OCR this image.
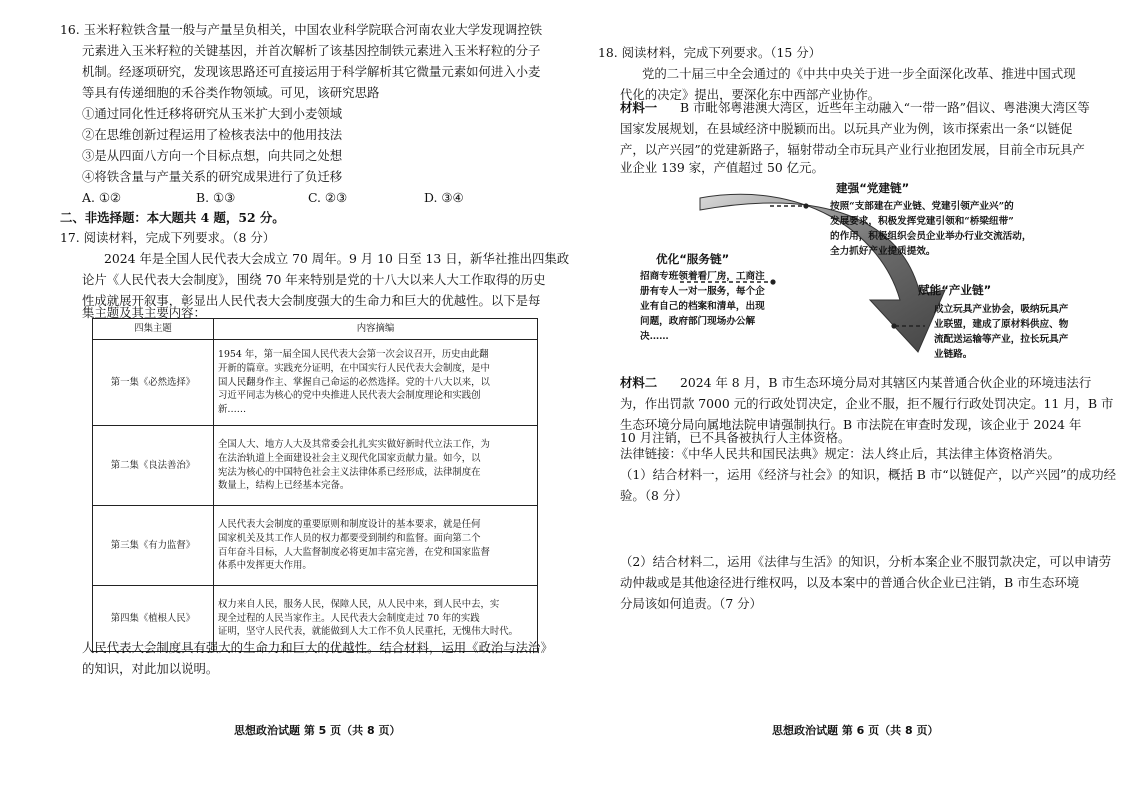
16. 玉米籽粒铁含量一般与产量呈负相关，中国农业科学院联合河南农业大学发现调控铁
元素进入玉米籽粒的关键基因，并首次解析了该基因控制铁元素进入玉米籽粒的分子
机制。经逐项研究，发现该思路还可直接运用于科学解析其它微量元素如何进入小麦
等具有传递细胞的禾谷类作物领域。可见，该研究思路
①通过同化性迁移将研究从玉米扩大到小麦领域
②在思维创新过程运用了检核表法中的他用技法
③是从四面八方向一个目标点想，向共同之处想
④将铁含量与产量关系的研究成果进行了负迁移
A. ①②	B. ①③	C. ②③	D. ③④
二、非选择题：本大题共 4 题，52 分。
17. 阅读材料，完成下列要求。（8 分）
2024 年是全国人民代表大会成立 70 周年。9 月 10 日至 13 日，新华社推出四集政
论片《人民代表大会制度》，围绕 70 年来特别是党的十八大以来人大工作取得的历史
性成就展开叙事，彰显出人民代表大会制度强大的生命力和巨大的优越性。以下是每
集主题及其主要内容：
四集主题	内容摘编
第一集《必然选择》	1954 年，第一届全国人民代表大会第一次会议召开，历史由此翻
开新的篇章。实践充分证明，在中国实行人民代表大会制度，是中
国人民翻身作主、掌握自己命运的必然选择。党的十八大以来，以
习近平同志为核心的党中央推进人民代表大会制度理论和实践创
新……

第二集《良法善治》	全国人大、地方人大及其常委会扎扎实实做好新时代立法工作，为
在法治轨道上全面建设社会主义现代化国家贡献力量。如今，以
宪法为核心的中国特色社会主义法律体系已经形成，法律制度在
数量上，结构上已经基本完备。

第三集《有力监督》	人民代表大会制度的重要原则和制度设计的基本要求，就是任何
国家机关及其工作人员的权力都要受到制约和监督。面向第二个
百年奋斗目标，人大监督制度必将更加丰富完善，在党和国家监督
体系中发挥更大作用。

第四集《植根人民》	权力来自人民，服务人民，保障人民，从人民中来，到人民中去，实
现全过程的人民当家作主。人民代表大会制度走过 70 年的实践
证明，坚守人民代表，就能做到人大工作不负人民重托，无愧伟大时代。
人民代表大会制度具有强大的生命力和巨大的优越性。结合材料，运用《政治与法治》
的知识，对此加以说明。
思想政治试题 第 5 页（共 8 页）
18. 阅读材料，完成下列要求。（15 分）
党的二十届三中全会通过的《中共中央关于进一步全面深化改革、推进中国式现
代化的决定》提出，要深化东中西部产业协作。
材料一 B 市毗邻粤港澳大湾区，近些年主动融入“一带一路”倡议、粤港澳大湾区等
国家发展规划，在县域经济中脱颖而出。以玩具产业为例，该市探索出一条“以链促
产，以产兴园”的党建新路子，辐射带动全市玩具产业行业抱团发展，目前全市玩具产
业企业 139 家，产值超过 50 亿元。
建强“党建链”
按照“支部建在产业链、党建引领产业兴”的
发展要求，积极发挥党建引领和“桥梁纽带”
的作用，积极组织会员企业举办行业交流活动，
全力抓好产业提质提效。
优化“服务链”
招商专班领着看厂房，工商注
册有专人一对一服务，每个企
业有自己的档案和清单，出现
问题，政府部门现场办公解
决……
赋能“产业链”
成立玩具产业协会，吸纳玩具产
业联盟，建成了原材料供应、物
流配送运输等产业，拉长玩具产
业链路。
材料二 2024 年 8 月，B 市生态环境分局对其辖区内某普通合伙企业的环境违法行
为，作出罚款 7000 元的行政处罚决定，企业不服，拒不履行行政处罚决定。11 月，B 市
生态环境分局向属地法院申请强制执行。B 市法院在审查时发现，该企业于 2024 年
10 月注销，已不具备被执行人主体资格。
法律链接：《中华人民共和国民法典》规定：法人终止后，其法律主体资格消失。
（1）结合材料一，运用《经济与社会》的知识，概括 B 市“以链促产，以产兴园”的成功经
验。（8 分）
（2）结合材料二，运用《法律与生活》的知识，分析本案企业不服罚款决定，可以申请劳
动仲裁或是其他途径进行维权吗，以及本案中的普通合伙企业已注销，B 市生态环境
分局该如何追责。（7 分）
思想政治试题 第 6 页（共 8 页）
